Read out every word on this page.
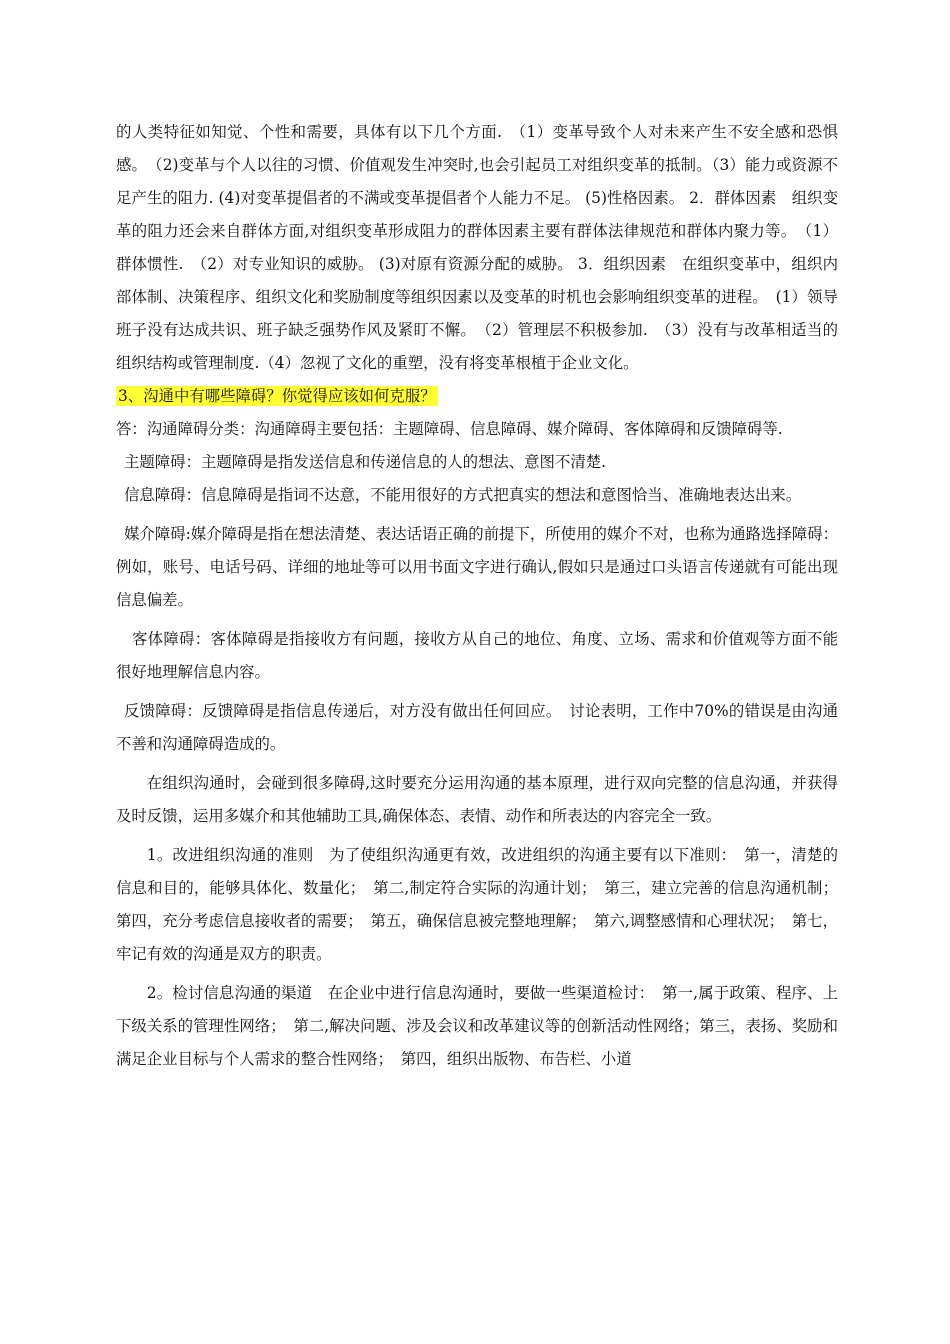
的人类特征如知觉、个性和需要，具体有以下几个方面.　（1）变革导致个人对未来产生不安全感和恐惧感。　（2)变革与个人以往的习惯、价值观发生冲突时,也会引起员工对组织变革的抵制。（3）能力或资源不足产生的阻力. (4)对变革提倡者的不满或变革提倡者个人能力不足。 (5)性格因素。 2．群体因素　组织变革的阻力还会来自群体方面,对组织变革形成阻力的群体因素主要有群体法律规范和群体内聚力等。　（1）群体惯性.　（2）对专业知识的威胁。 (3)对原有资源分配的威胁。 3．组织因素　在组织变革中，组织内部体制、决策程序、组织文化和奖励制度等组织因素以及变革的时机也会影响组织变革的进程。　(1）领导班子没有达成共识、班子缺乏强势作风及紧盯不懈。　（2）管理层不积极参加.　（3）没有与改革相适当的组织结构或管理制度.（4）忽视了文化的重塑，没有将变革根植于企业文化。

3、沟通中有哪些障碍？你觉得应该如何克服？

答：沟通障碍分类：沟通障碍主要包括：主题障碍、信息障碍、媒介障碍、客体障碍和反馈障碍等.

主题障碍：主题障碍是指发送信息和传递信息的人的想法、意图不清楚.

信息障碍：信息障碍是指词不达意，不能用很好的方式把真实的想法和意图恰当、准确地表达出来。

媒介障碍:媒介障碍是指在想法清楚、表达话语正确的前提下，所使用的媒介不对，也称为通路选择障碍：例如，账号、电话号码、详细的地址等可以用书面文字进行确认,假如只是通过口头语言传递就有可能出现信息偏差。

客体障碍：客体障碍是指接收方有问题，接收方从自己的地位、角度、立场、需求和价值观等方面不能很好地理解信息内容。

反馈障碍：反馈障碍是指信息传递后，对方没有做出任何回应。　讨论表明，工作中70%的错误是由沟通不善和沟通障碍造成的。

在组织沟通时，会碰到很多障碍,这时要充分运用沟通的基本原理，进行双向完整的信息沟通，并获得及时反馈，运用多媒介和其他辅助工具,确保体态、表情、动作和所表达的内容完全一致。

1。改进组织沟通的准则　为了使组织沟通更有效，改进组织的沟通主要有以下准则：　第一，清楚的信息和目的，能够具体化、数量化；　第二,制定符合实际的沟通计划；　第三，建立完善的信息沟通机制；第四，充分考虑信息接收者的需要；　第五，确保信息被完整地理解；　第六,调整感情和心理状况；　第七，牢记有效的沟通是双方的职责。

2。检讨信息沟通的渠道　在企业中进行信息沟通时，要做一些渠道检讨：　第一,属于政策、程序、上下级关系的管理性网络；　第二,解决问题、涉及会议和改革建议等的创新活动性网络；第三，表扬、奖励和满足企业目标与个人需求的整合性网络；　第四，组织出版物、布告栏、小道
